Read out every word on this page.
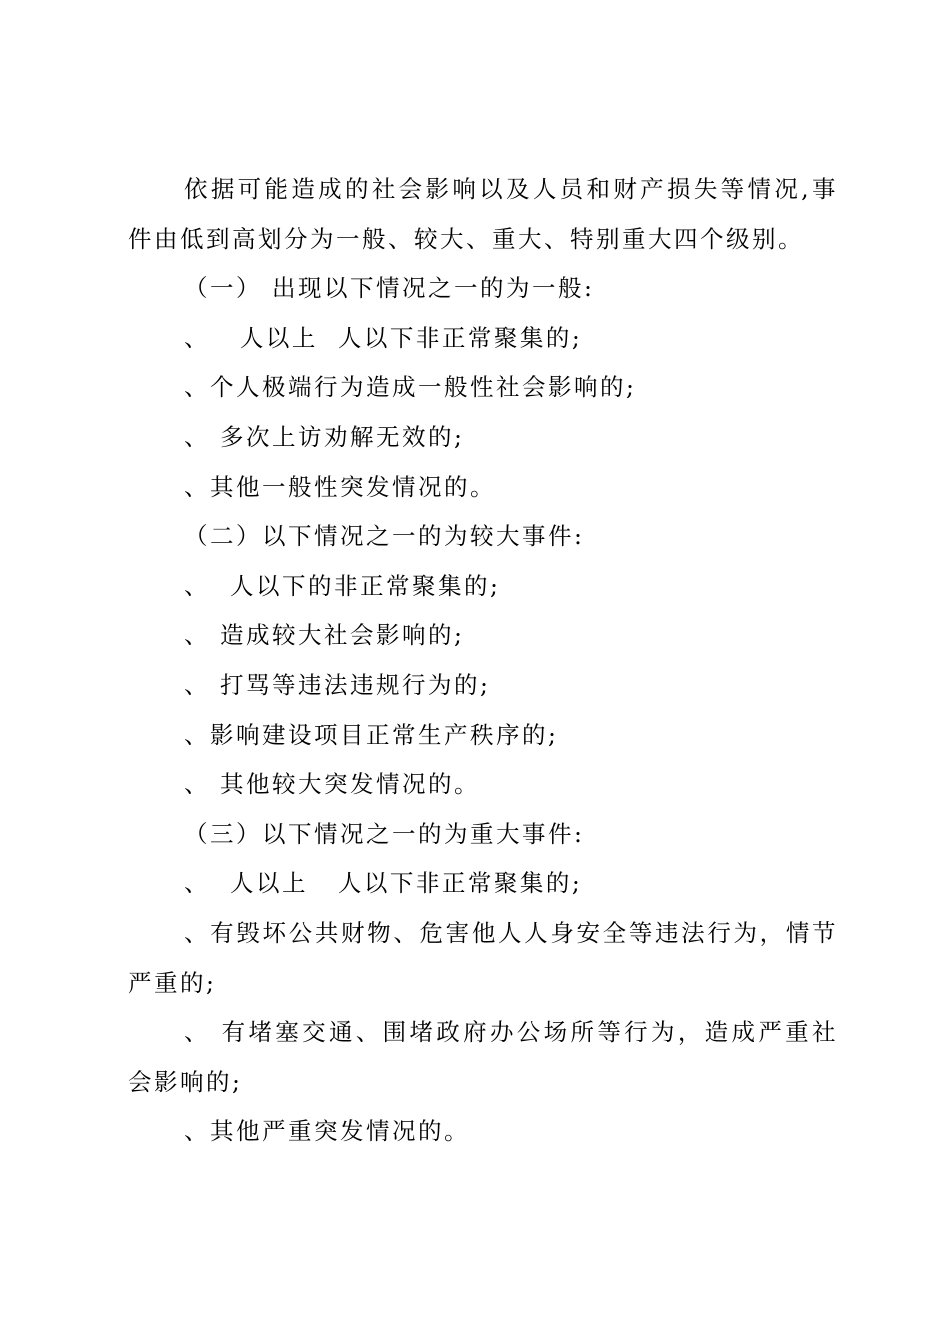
依据可能造成的社会影响以及人员和财产损失等情况,事件由低到高划分为一般、较大、重大、特别重大四个级别。

（一） 出现以下情况之一的为一般:

、   人以上  人以下非正常聚集的;

、个人极端行为造成一般性社会影响的;

、 多次上访劝解无效的;

、其他一般性突发情况的。

（二）以下情况之一的为较大事件:

、  人以下的非正常聚集的;

、 造成较大社会影响的;

、 打骂等违法违规行为的;

、影响建设项目正常生产秩序的;

、 其他较大突发情况的。

（三）以下情况之一的为重大事件:

、  人以上   人以下非正常聚集的;

、有毁坏公共财物、危害他人人身安全等违法行为，情节严重的;

、 有堵塞交通、围堵政府办公场所等行为，造成严重社会影响的;

、其他严重突发情况的。
